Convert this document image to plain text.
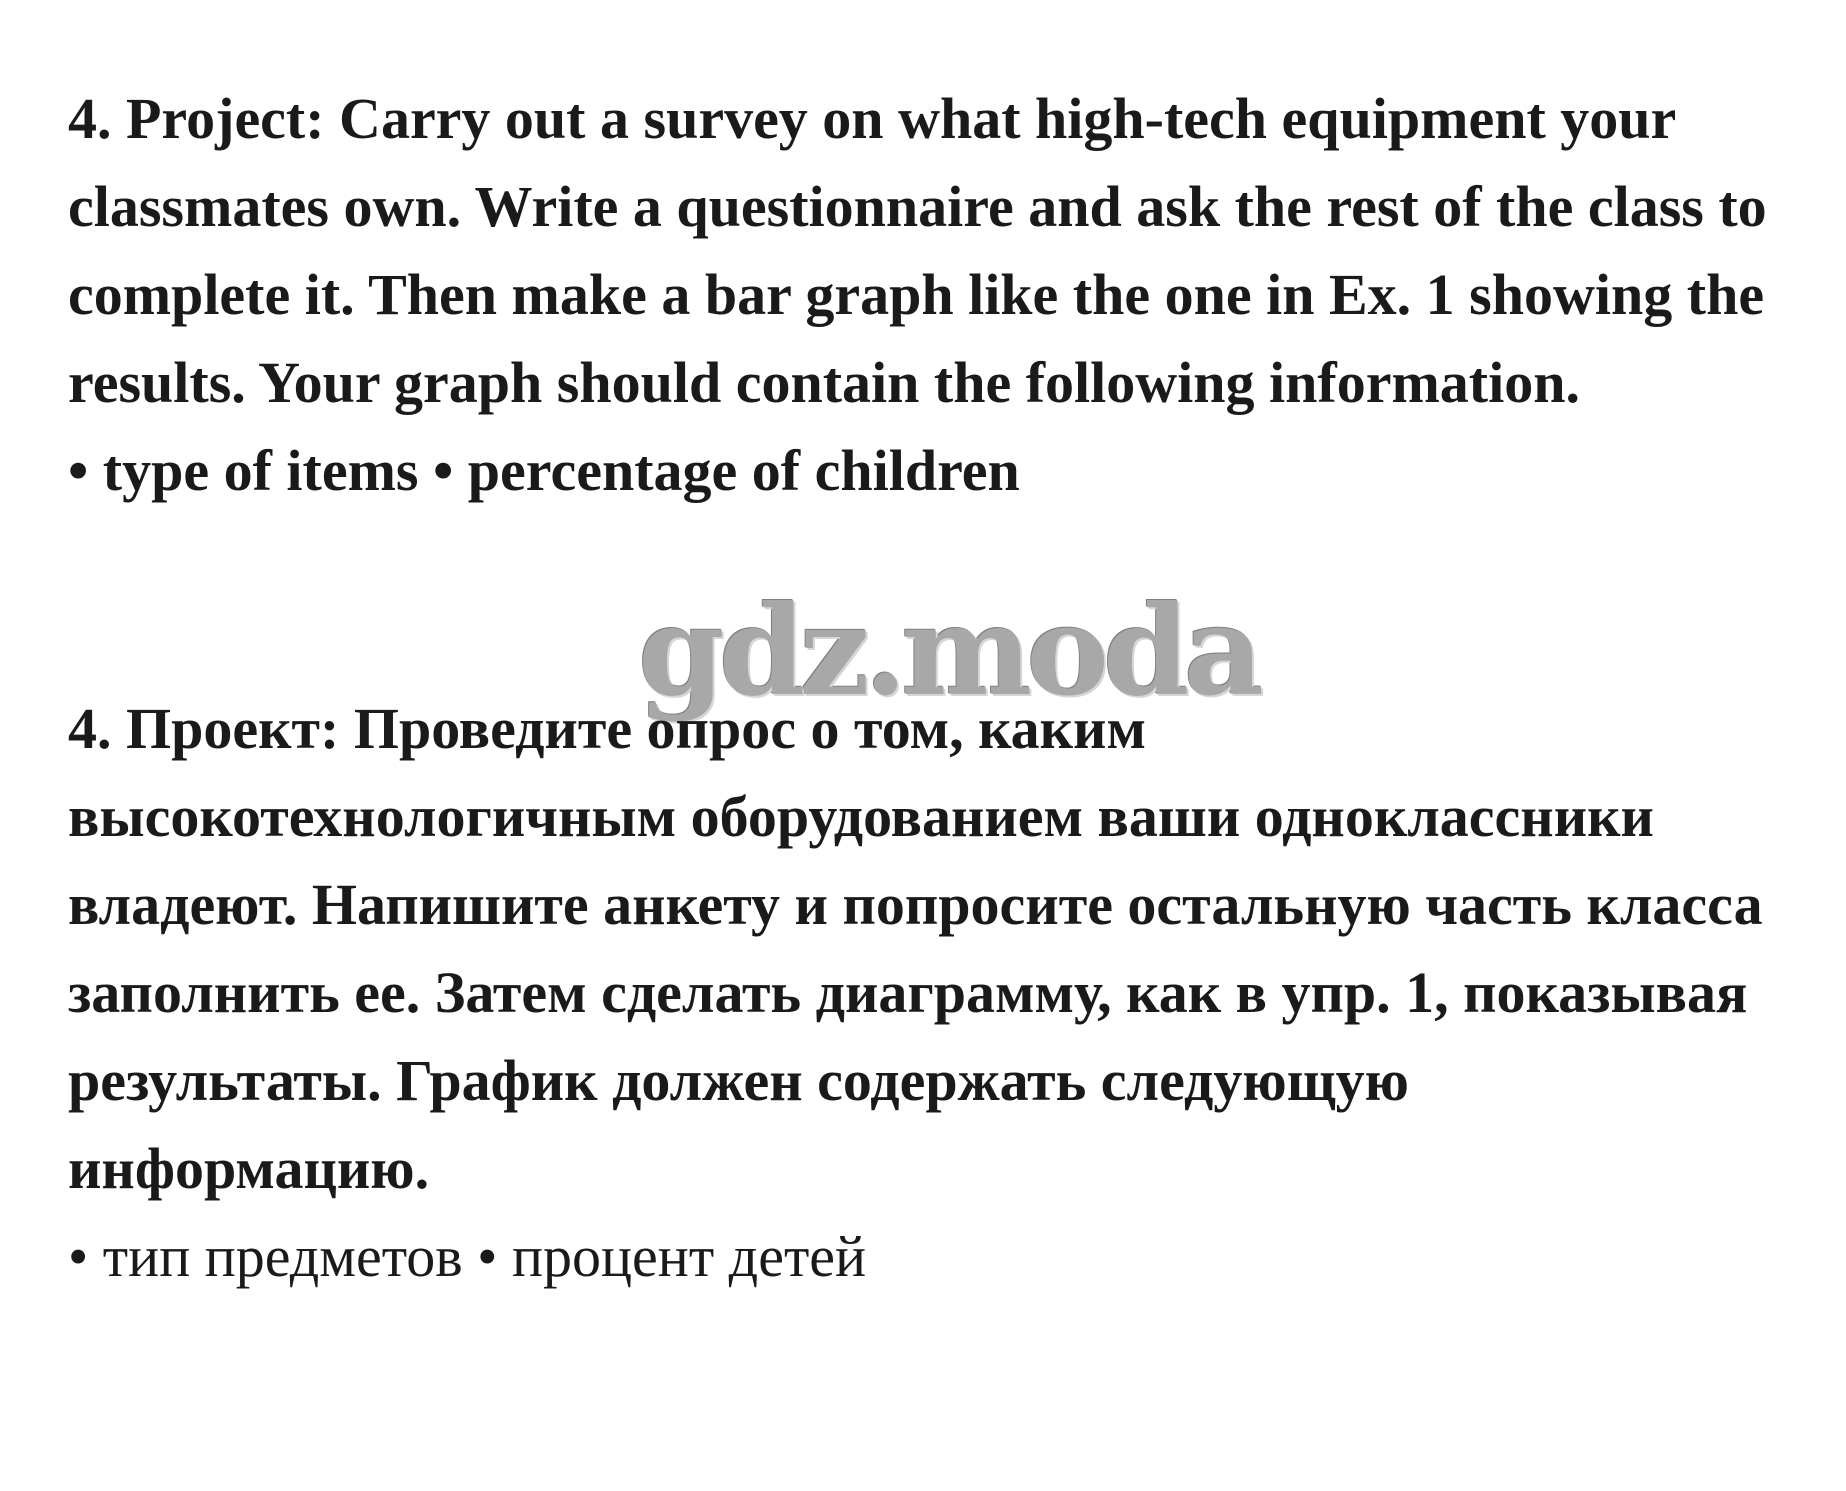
4. Project: Carry out a survey on what high-tech equipment your
classmates own. Write a questionnaire and ask the rest of the class to
complete it. Then make a bar graph like the one in Ex. 1 showing the
results. Your graph should contain the following information.
• type of items • percentage of children
gdz.moda
4. Проект: Проведите опрос о том, каким
высокотехнологичным оборудованием ваши одноклассники
владеют. Напишите анкету и попросите остальную часть класса
заполнить ее. Затем сделать диаграмму, как в упр. 1, показывая
результаты. График должен содержать следующую
информацию.
• тип предметов • процент детей
